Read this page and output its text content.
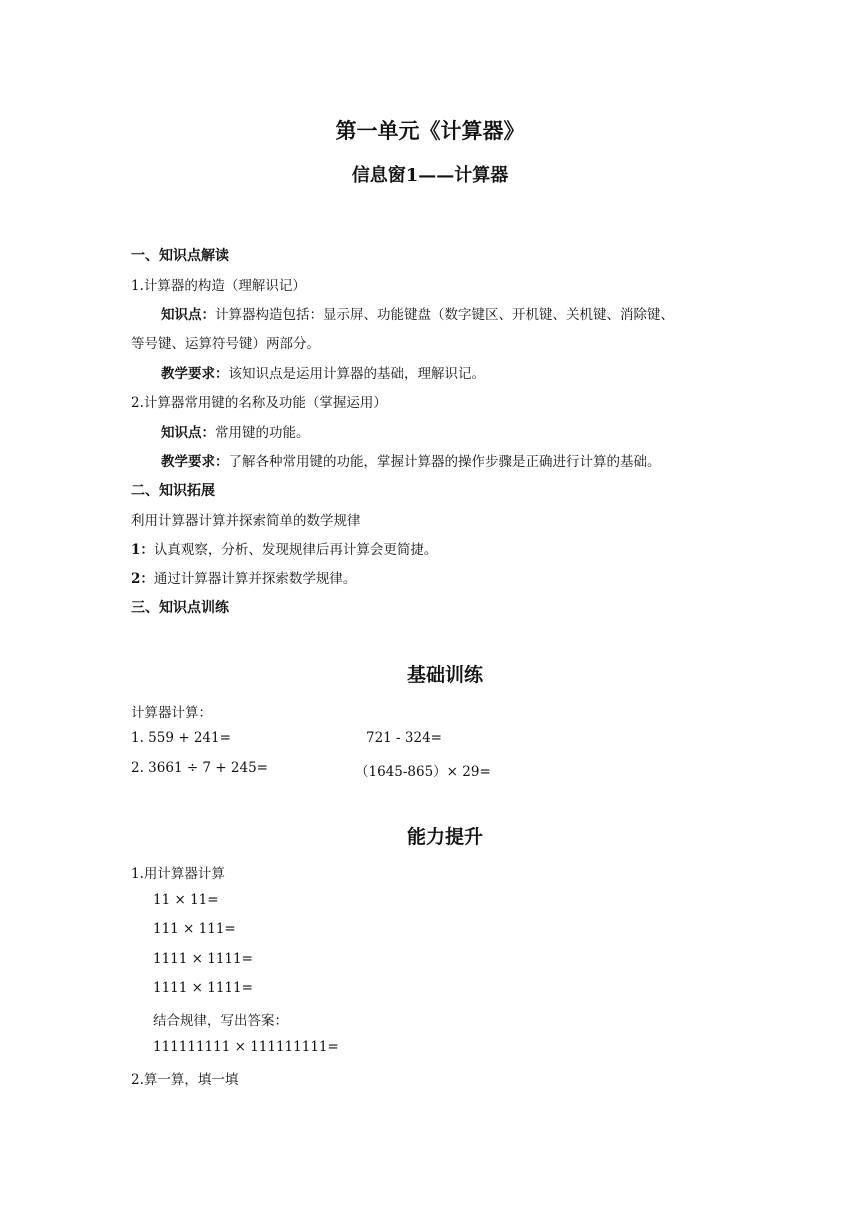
第一单元《计算器》
信息窗1——计算器
一、知识点解读
1.计算器的构造（理解识记）
知识点：计算器构造包括：显示屏、功能键盘（数字键区、开机键、关机键、消除键、
等号键、运算符号键）两部分。
教学要求：该知识点是运用计算器的基础，理解识记。
2.计算器常用键的名称及功能（掌握运用）
知识点：常用键的功能。
教学要求：了解各种常用键的功能，掌握计算器的操作步骤是正确进行计算的基础。
二、知识拓展
利用计算器计算并探索简单的数学规律
1：认真观察，分析、发现规律后再计算会更简捷。
2：通过计算器计算并探索数学规律。
三、知识点训练
基础训练
计算器计算：
1. 559 + 241=	721 - 324=
2. 3661 ÷ 7 + 245=	（1645-865）× 29=
能力提升
1.用计算器计算
11 × 11=
111 × 111=
1111 × 1111=
1111 × 1111=
结合规律，写出答案：
111111111 × 111111111=
2.算一算，填一填
